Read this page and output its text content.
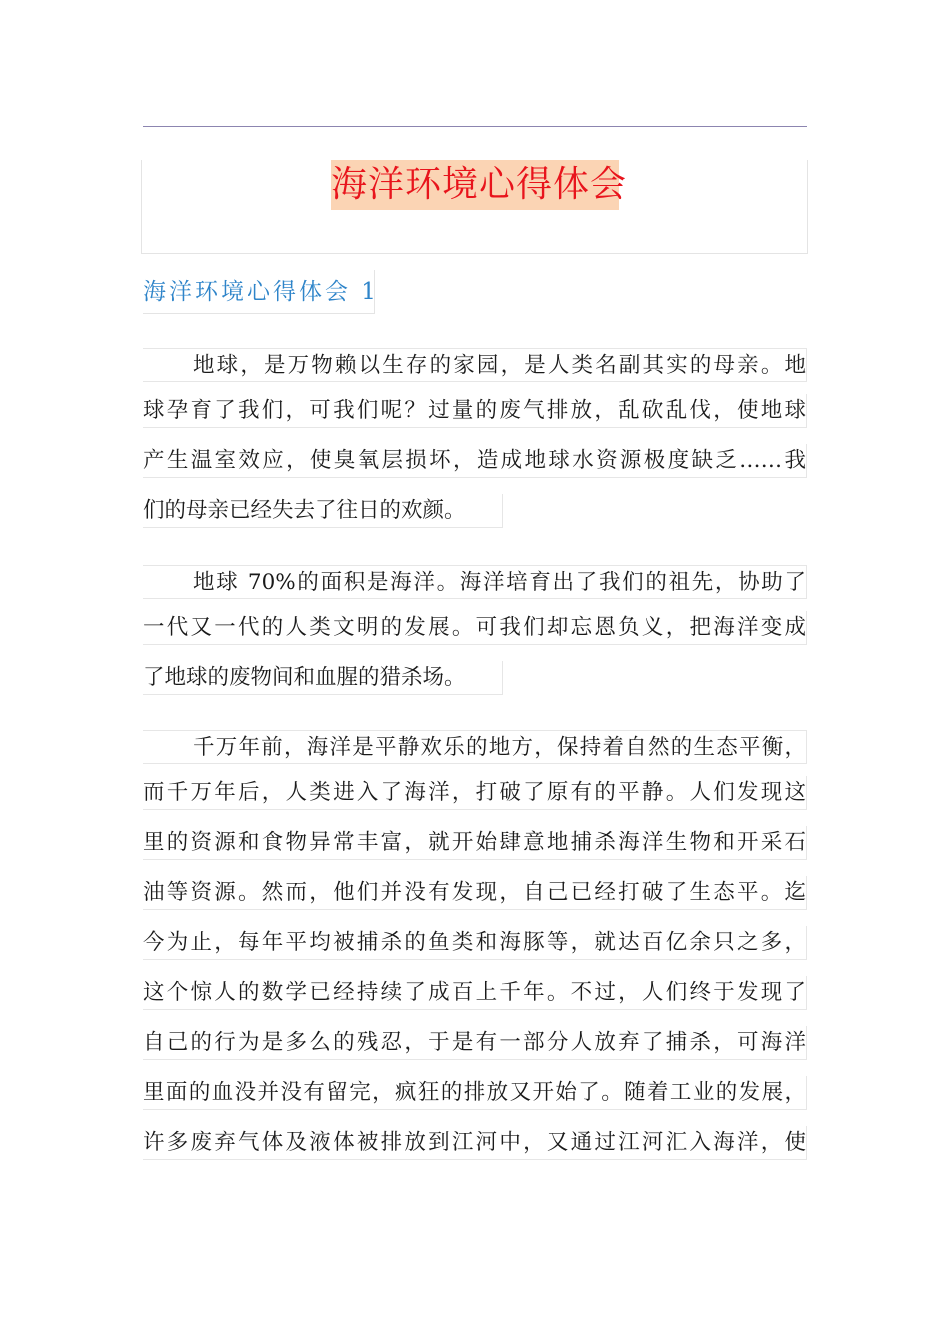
海洋环境心得体会
海洋环境心得体会 1
地球，是万物赖以生存的家园，是人类名副其实的母亲。地
球孕育了我们，可我们呢？过量的废气排放，乱砍乱伐，使地球
产生温室效应，使臭氧层损坏，造成地球水资源极度缺乏……我
们的母亲已经失去了往日的欢颜。
地球 70%的面积是海洋。海洋培育出了我们的祖先，协助了
一代又一代的人类文明的发展。可我们却忘恩负义，把海洋变成
了地球的废物间和血腥的猎杀场。
千万年前，海洋是平静欢乐的地方，保持着自然的生态平衡，
而千万年后，人类进入了海洋，打破了原有的平静。人们发现这
里的资源和食物异常丰富，就开始肆意地捕杀海洋生物和开采石
油等资源。然而，他们并没有发现，自己已经打破了生态平。迄
今为止，每年平均被捕杀的鱼类和海豚等，就达百亿余只之多，
这个惊人的数学已经持续了成百上千年。不过，人们终于发现了
自己的行为是多么的残忍，于是有一部分人放弃了捕杀，可海洋
里面的血没并没有留完，疯狂的排放又开始了。随着工业的发展，
许多废弃气体及液体被排放到江河中，又通过江河汇入海洋，使
